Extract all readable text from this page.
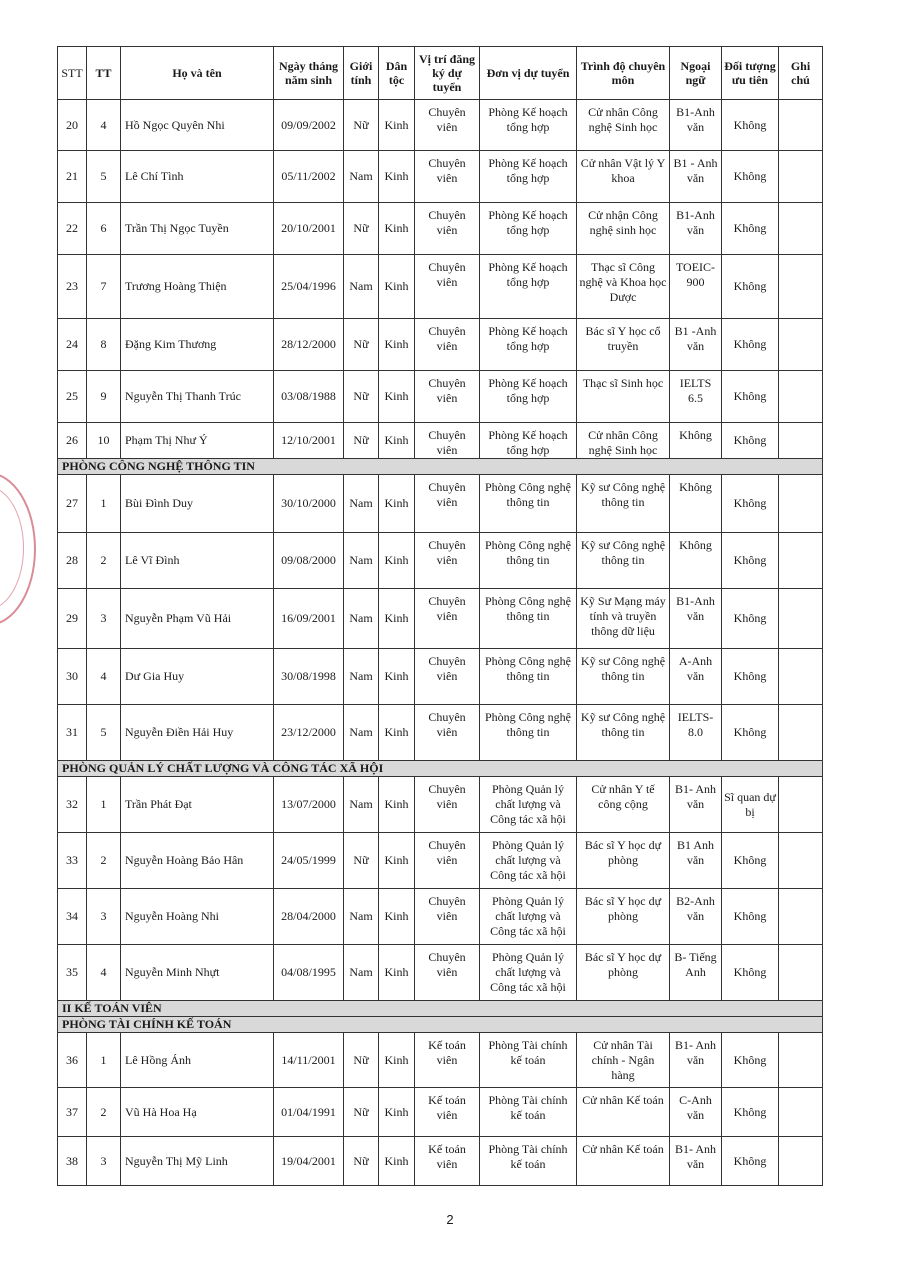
STT	TT	Họ và tên	Ngày tháng năm sinh	Giới tính	Dân tộc	Vị trí đăng ký dự tuyển	Đơn vị dự tuyển	Trình độ chuyên môn	Ngoại ngữ	Đối tượng ưu tiên	Ghi chú
20	4	Hồ Ngọc Quyên Nhi	09/09/2002	Nữ	Kinh	Chuyên viên	Phòng Kế hoạch tổng hợp	Cử nhân Công nghệ Sinh học	B1-Anh văn	Không	
21	5	Lê Chí Tình	05/11/2002	Nam	Kinh	Chuyên viên	Phòng Kế hoạch tổng hợp	Cử nhân Vật lý Y khoa	B1 - Anh văn	Không	
22	6	Trần Thị Ngọc Tuyền	20/10/2001	Nữ	Kinh	Chuyên viên	Phòng Kế hoạch tổng hợp	Cử nhận Công nghệ sinh học	B1-Anh văn	Không	
23	7	Trương Hoàng Thiện	25/04/1996	Nam	Kinh	Chuyên viên	Phòng Kế hoạch tổng hợp	Thạc sĩ Công nghệ và Khoa học Dược	TOEIC-900	Không	
24	8	Đặng Kim Thương	28/12/2000	Nữ	Kinh	Chuyên viên	Phòng Kế hoạch tổng hợp	Bác sĩ Y học cổ truyền	B1 -Anh văn	Không	
25	9	Nguyễn Thị Thanh Trúc	03/08/1988	Nữ	Kinh	Chuyên viên	Phòng Kế hoạch tổng hợp	Thạc sĩ Sinh học	IELTS 6.5	Không	
26	10	Phạm Thị Như Ý	12/10/2001	Nữ	Kinh	Chuyên viên	Phòng Kế hoạch tổng hợp	Cử nhân Công nghệ Sinh học	Không	Không	
PHÒNG CÔNG NGHỆ THÔNG TIN											
27	1	Bùi Đình Duy	30/10/2000	Nam	Kinh	Chuyên viên	Phòng Công nghệ thông tin	Kỹ sư Công nghệ thông tin	Không	Không	
28	2	Lê Vĩ Đình	09/08/2000	Nam	Kinh	Chuyên viên	Phòng Công nghệ thông tin	Kỹ sư Công nghệ thông tin	Không	Không	
29	3	Nguyễn Phạm Vũ Hải	16/09/2001	Nam	Kinh	Chuyên viên	Phòng Công nghệ thông tin	Kỹ Sư Mạng máy tính và truyền thông dữ liệu	B1-Anh văn	Không	
30	4	Dư Gia Huy	30/08/1998	Nam	Kinh	Chuyên viên	Phòng Công nghệ thông tin	Kỹ sư Công nghệ thông tin	A-Anh văn	Không	
31	5	Nguyễn Điền Hải Huy	23/12/2000	Nam	Kinh	Chuyên viên	Phòng Công nghệ thông tin	Kỹ sư Công nghệ thông tin	IELTS-8.0	Không	
PHÒNG QUẢN LÝ CHẤT LƯỢNG VÀ CÔNG TÁC XÃ HỘI											
32	1	Trần Phát Đạt	13/07/2000	Nam	Kinh	Chuyên viên	Phòng Quản lý chất lượng và Công tác xã hội	Cử nhân Y tế công cộng	B1- Anh văn	Sĩ quan dự bị	
33	2	Nguyễn Hoàng Bảo Hân	24/05/1999	Nữ	Kinh	Chuyên viên	Phòng Quản lý chất lượng và Công tác xã hội	Bác sĩ Y học dự phòng	B1 Anh văn	Không	
34	3	Nguyễn Hoàng Nhi	28/04/2000	Nam	Kinh	Chuyên viên	Phòng Quản lý chất lượng và Công tác xã hội	Bác sĩ Y học dự phòng	B2-Anh văn	Không	
35	4	Nguyễn Minh Nhựt	04/08/1995	Nam	Kinh	Chuyên viên	Phòng Quản lý chất lượng và Công tác xã hội	Bác sĩ Y học dự phòng	B- Tiếng Anh	Không	
II KẾ TOÁN VIÊN											
PHÒNG TÀI CHÍNH KẾ TOÁN											
36	1	Lê Hồng Ánh	14/11/2001	Nữ	Kinh	Kế toán viên	Phòng Tài chính kế toán	Cử nhân Tài chính - Ngân hàng	B1- Anh văn	Không	
37	2	Vũ Hà Hoa Hạ	01/04/1991	Nữ	Kinh	Kế toán viên	Phòng Tài chính kế toán	Cử nhân Kế toán	C-Anh văn	Không	
38	3	Nguyễn Thị Mỹ Linh	19/04/2001	Nữ	Kinh	Kế toán viên	Phòng Tài chính kế toán	Cử nhân Kế toán	B1- Anh văn	Không	
2
